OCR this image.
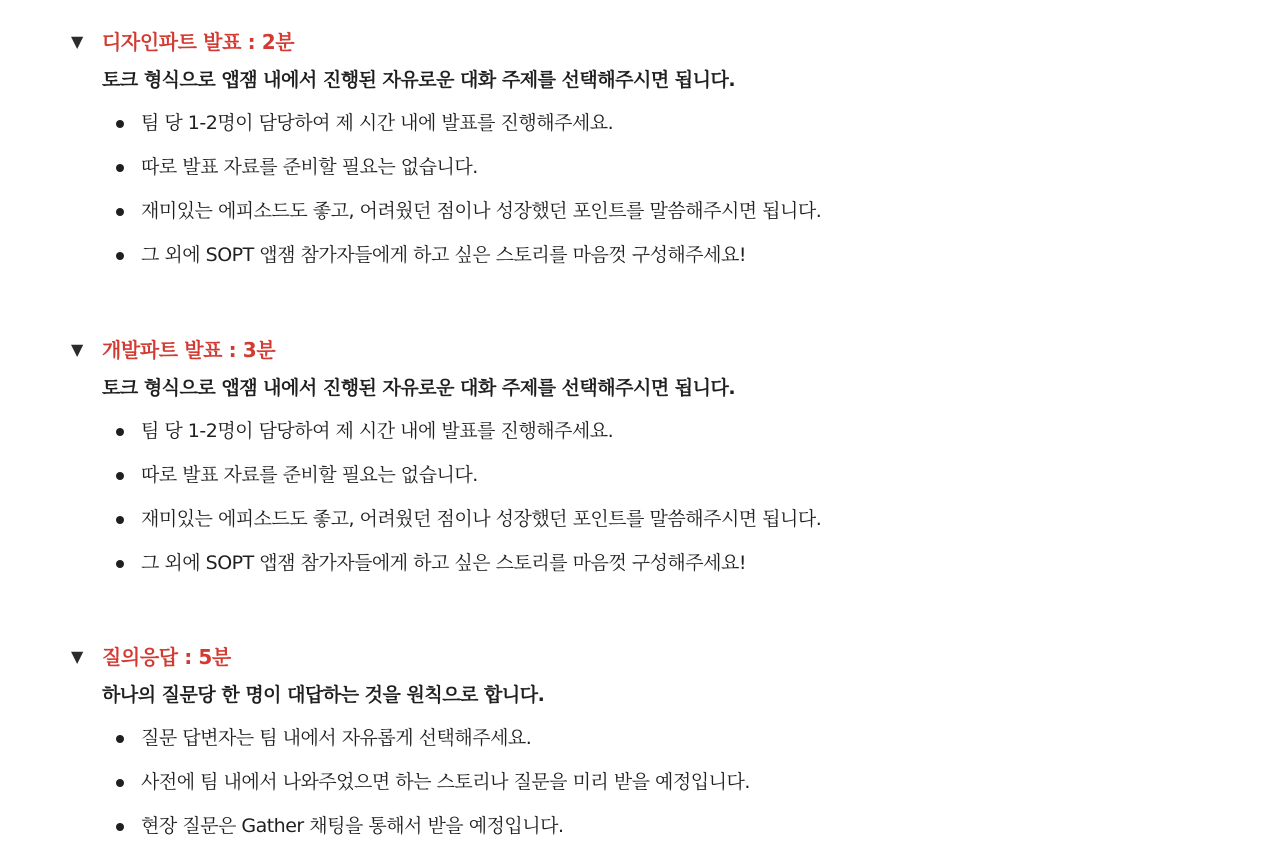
▼ 디자인파트 발표 : 2분
토크 형식으로 앱잼 내에서 진행된 자유로운 대화 주제를 선택해주시면 됩니다.
팀 당 1-2명이 담당하여 제 시간 내에 발표를 진행해주세요.
따로 발표 자료를 준비할 필요는 없습니다.
재미있는 에피소드도 좋고, 어려웠던 점이나 성장했던 포인트를 말씀해주시면 됩니다.
그 외에 SOPT 앱잼 참가자들에게 하고 싶은 스토리를 마음껏 구성해주세요!
▼ 개발파트 발표 : 3분
토크 형식으로 앱잼 내에서 진행된 자유로운 대화 주제를 선택해주시면 됩니다.
팀 당 1-2명이 담당하여 제 시간 내에 발표를 진행해주세요.
따로 발표 자료를 준비할 필요는 없습니다.
재미있는 에피소드도 좋고, 어려웠던 점이나 성장했던 포인트를 말씀해주시면 됩니다.
그 외에 SOPT 앱잼 참가자들에게 하고 싶은 스토리를 마음껏 구성해주세요!
▼ 질의응답 : 5분
하나의 질문당 한 명이 대답하는 것을 원칙으로 합니다.
질문 답변자는 팀 내에서 자유롭게 선택해주세요.
사전에 팀 내에서 나와주었으면 하는 스토리나 질문을 미리 받을 예정입니다.
현장 질문은 Gather 채팅을 통해서 받을 예정입니다.
